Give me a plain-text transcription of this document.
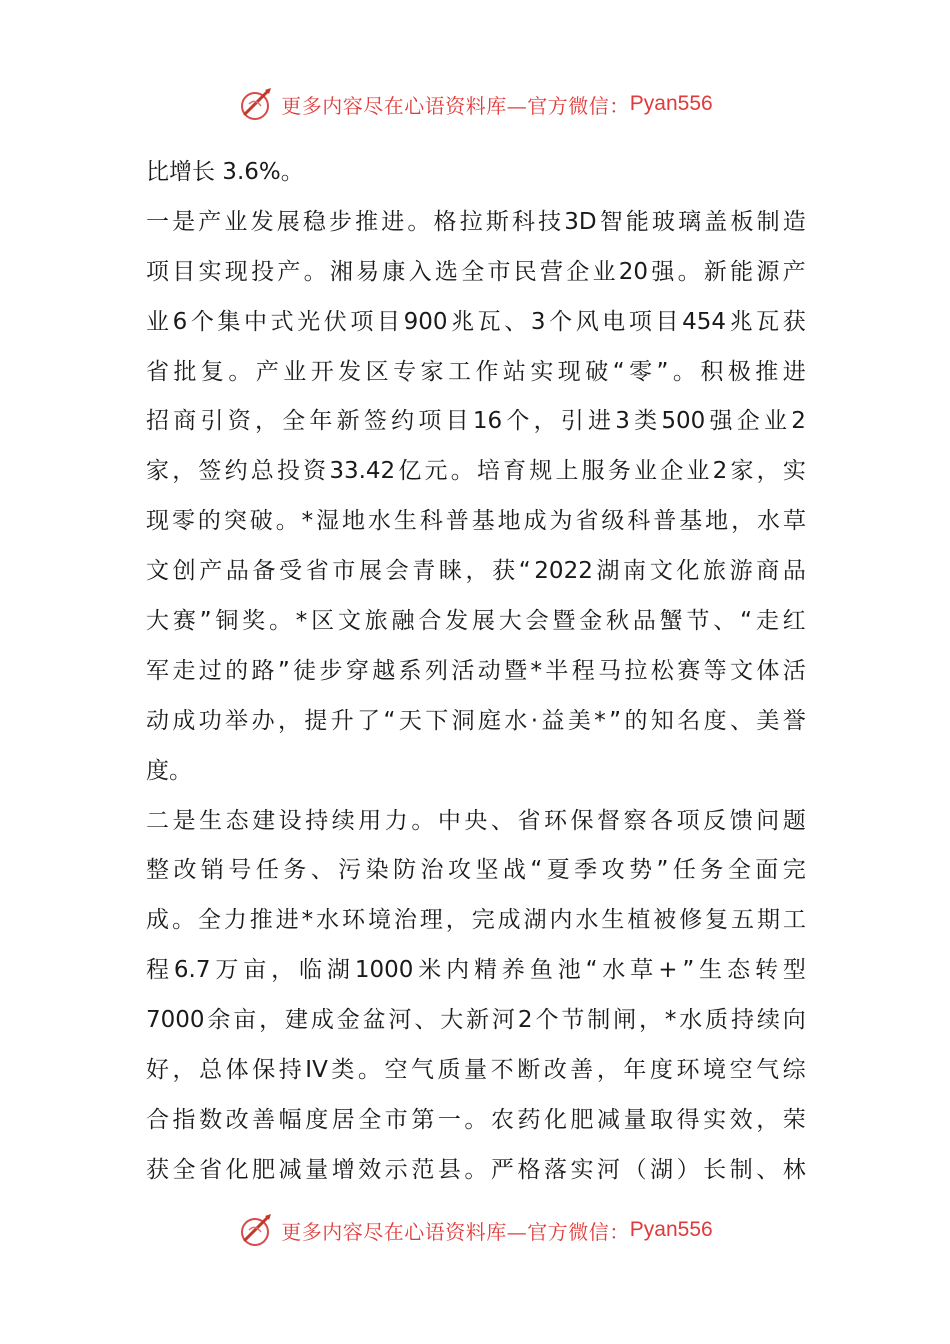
更多内容尽在心语资料库—官方微信： Pyan556
比增长 3.6%。
一 是 产 业 发 展 稳 步 推 进 。 格 拉 斯 科 技 3D 智 能 玻 璃 盖 板 制 造
项 目 实 现 投 产 。 湘 易 康 入 选 全 市 民 营 企 业 20 强 。 新 能 源 产
业 6 个 集 中 式 光 伏 项 目 900 兆 瓦 、 3 个 风 电 项 目 454 兆 瓦 获
省 批 复 。 产 业 开 发 区 专 家 工 作 站 实 现 破 “ 零 ” 。 积 极 推 进
招 商 引 资 ， 全 年 新 签 约 项 目 16 个 ， 引 进 3 类 500 强 企 业 2
家 ， 签 约 总 投 资 33.42 亿 元 。 培 育 规 上 服 务 业 企 业 2 家 ， 实
现 零 的 突 破 。 * 湿 地 水 生 科 普 基 地 成 为 省 级 科 普 基 地 ， 水 草
文 创 产 品 备 受 省 市 展 会 青 睐 ， 获 “ 2022 湖 南 文 化 旅 游 商 品
大 赛 ” 铜 奖 。 * 区 文 旅 融 合 发 展 大 会 暨 金 秋 品 蟹 节 、 “ 走 红
军 走 过 的 路 ” 徒 步 穿 越 系 列 活 动 暨 * 半 程 马 拉 松 赛 等 文 体 活
动 成 功 举 办 ， 提 升 了 “ 天 下 洞 庭 水 · 益 美 * ” 的 知 名 度 、 美 誉
度。
二 是 生 态 建 设 持 续 用 力 。 中 央 、 省 环 保 督 察 各 项 反 馈 问 题
整 改 销 号 任 务 、 污 染 防 治 攻 坚 战 “ 夏 季 攻 势 ” 任 务 全 面 完
成 。 全 力 推 进 * 水 环 境 治 理 ， 完 成 湖 内 水 生 植 被 修 复 五 期 工
程 6.7 万 亩 ， 临 湖 1000 米 内 精 养 鱼 池 “ 水 草 + ” 生 态 转 型
7000 余 亩 ， 建 成 金 盆 河 、 大 新 河 2 个 节 制 闸 ， * 水 质 持 续 向
好 ， 总 体 保 持 IV 类 。 空 气 质 量 不 断 改 善 ， 年 度 环 境 空 气 综
合 指 数 改 善 幅 度 居 全 市 第 一 。 农 药 化 肥 减 量 取 得 实 效 ， 荣
获 全 省 化 肥 减 量 增 效 示 范 县 。 严 格 落 实 河 （ 湖 ） 长 制 、 林
更多内容尽在心语资料库—官方微信： Pyan556
